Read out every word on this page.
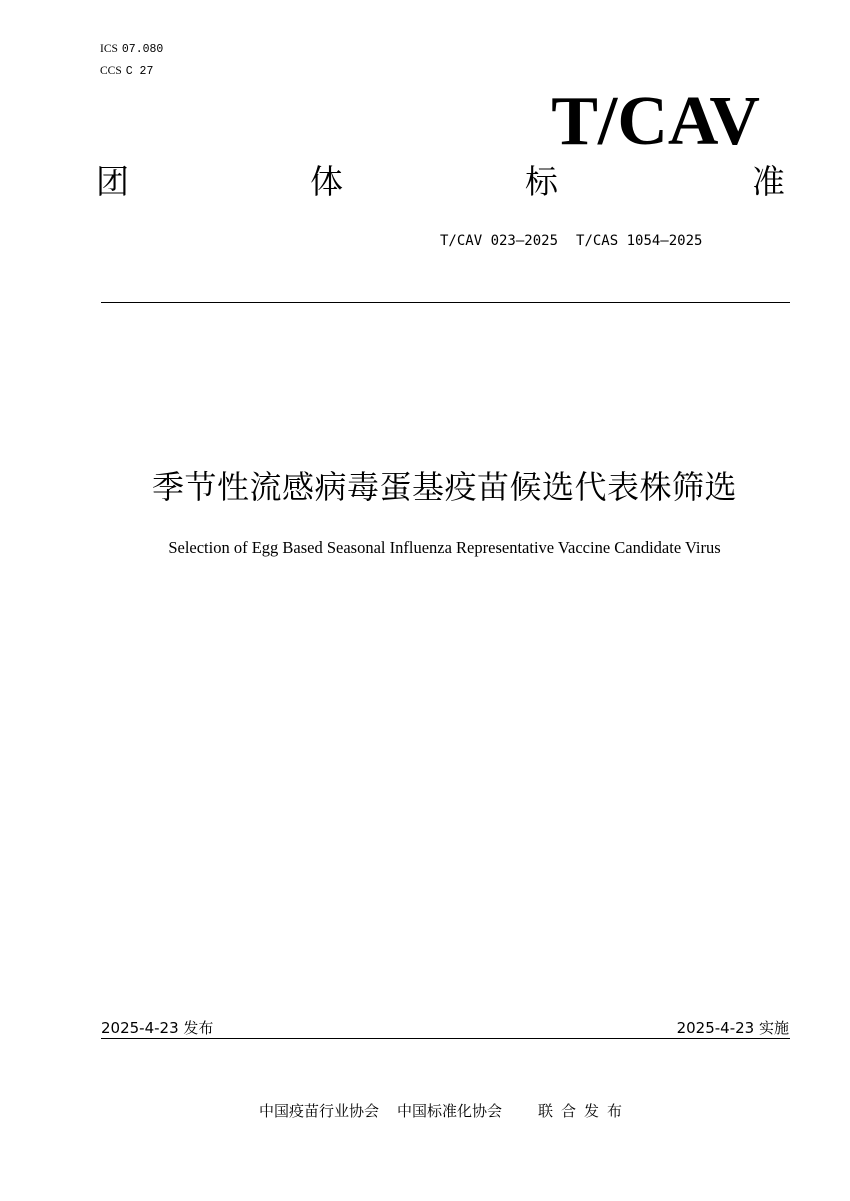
ICS 07.080
CCS C 27
T/CAV
团	体	标	准
T/CAV 023—2025 T/CAS 1054—2025
季节性流感病毒蛋基疫苗候选代表株筛选
Selection of Egg Based Seasonal Influenza Representative Vaccine Candidate Virus
2025-4-23 发布	2025-4-23 实施
中国疫苗行业协会 中国标准化协会 联合发布
